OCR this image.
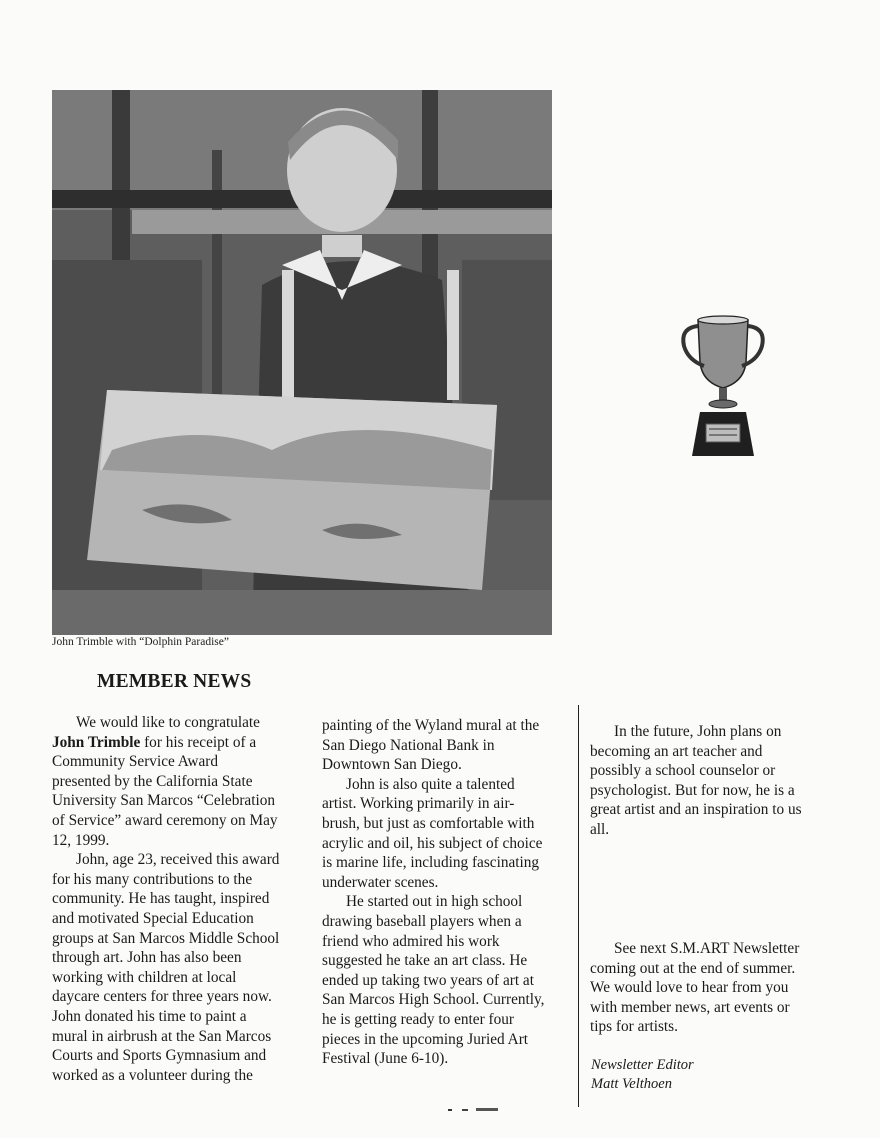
John Trimble with “Dolphin Paradise”
MEMBER NEWS

We would like to congratulate

John Trimble for his receipt of a

Community Service Award

presented by the California State

University San Marcos “Celebration

of Service” award ceremony on May

12, 1999.

John, age 23, received this award

for his many contributions to the

community. He has taught, inspired

and motivated Special Education

groups at San Marcos Middle School

through art. John has also been

working with children at local

daycare centers for three years now.

John donated his time to paint a

mural in airbrush at the San Marcos

Courts and Sports Gymnasium and

worked as a volunteer during the

painting of the Wyland mural at the

San Diego National Bank in

Downtown San Diego.

John is also quite a talented

artist. Working primarily in air-

brush, but just as comfortable with

acrylic and oil, his subject of choice

is marine life, including fascinating

underwater scenes.

He started out in high school

drawing baseball players when a

friend who admired his work

suggested he take an art class. He

ended up taking two years of art at

San Marcos High School. Currently,

he is getting ready to enter four

pieces in the upcoming Juried Art

Festival (June 6-10).

In the future, John plans on

becoming an art teacher and

possibly a school counselor or

psychologist. But for now, he is a

great artist and an inspiration to us

all.

See next S.M.ART Newsletter

coming out at the end of summer.

We would love to hear from you

with member news, art events or

tips for artists.

Newsletter Editor
Matt Velthoen
